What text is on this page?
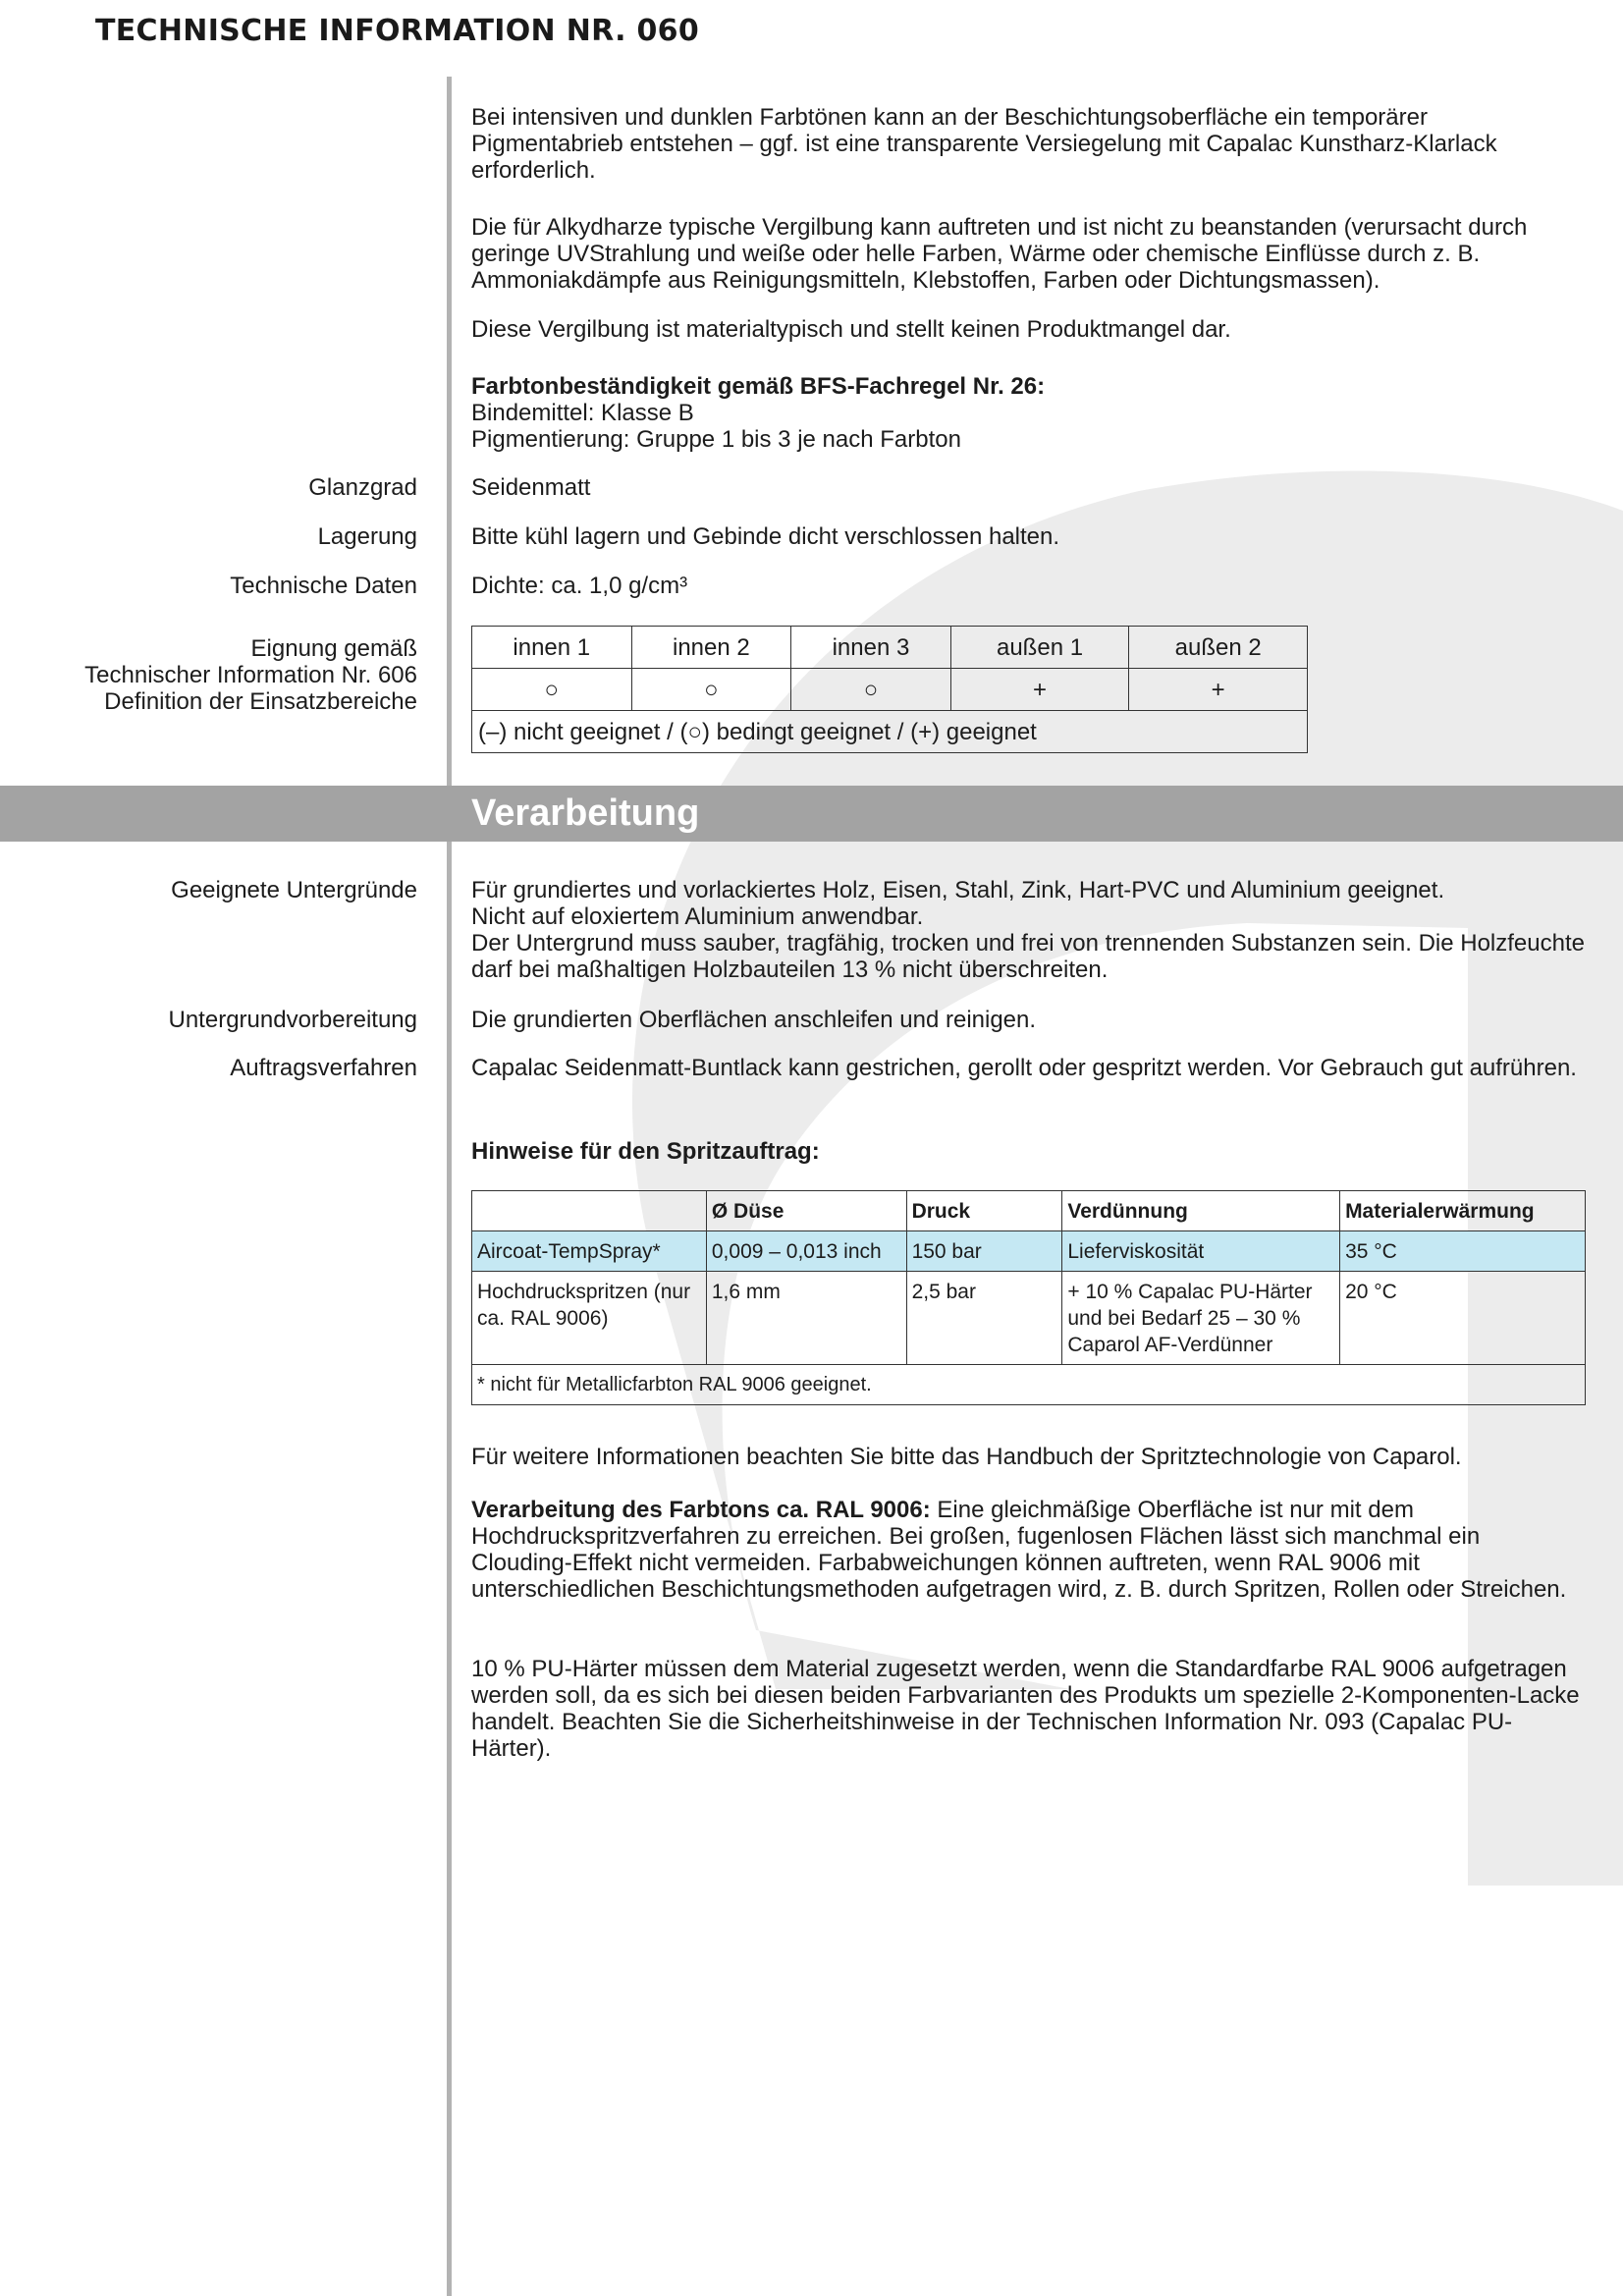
TECHNISCHE INFORMATION NR. 060

Bei intensiven und dunklen Farbtönen kann an der Beschichtungsoberfläche ein temporärer Pigmentabrieb entstehen – ggf. ist eine transparente Versiegelung mit Capalac Kunstharz-Klarlack erforderlich.

Die für Alkydharze typische Vergilbung kann auftreten und ist nicht zu beanstanden (verursacht durch geringe UVStrahlung und weiße oder helle Farben, Wärme oder chemische Einflüsse durch z. B. Ammoniakdämpfe aus Reinigungsmitteln, Klebstoffen, Farben oder Dichtungsmassen).

Diese Vergilbung ist materialtypisch und stellt keinen Produktmangel dar.

Farbtonbeständigkeit gemäß BFS-Fachregel Nr. 26:

Bindemittel: Klasse B

Pigmentierung: Gruppe 1 bis 3 je nach Farbton

Glanzgrad Seidenmatt
Lagerung Bitte kühl lagern und Gebinde dicht verschlossen halten.
Technische Daten Dichte: ca. 1,0 g/cm³
Eignung gemäß
Technischer Information Nr. 606
Definition der Einsatzbereiche
innen 1	innen 2	innen 3	außen 1	außen 2
○	○	○	+	+
(–) nicht geeignet / (○) bedingt geeignet / (+) geeignet				
Verarbeitung
Geeignete Untergründe Für grundiertes und vorlackiertes Holz, Eisen, Stahl, Zink, Hart-PVC und Aluminium geeignet.

Nicht auf eloxiertem Aluminium anwendbar.

Der Untergrund muss sauber, tragfähig, trocken und frei von trennenden Substanzen sein. Die Holzfeuchte darf bei maßhaltigen Holzbauteilen 13 % nicht überschreiten.

Untergrundvorbereitung Die grundierten Oberflächen anschleifen und reinigen.
Auftragsverfahren Capalac Seidenmatt-Buntlack kann gestrichen, gerollt oder gespritzt werden. Vor Gebrauch gut aufrühren.
Hinweise für den Spritzauftrag:
	Ø Düse	Druck	Verdünnung	Materialerwärmung
Aircoat-TempSpray*	0,009 – 0,013 inch	150 bar	Lieferviskosität	35 °C
Hochdruckspritzen (nur ca. RAL 9006)	1,6 mm	2,5 bar	+ 10 % Capalac PU-Härter und bei Bedarf 25 – 30 % Caparol AF-Verdünner	20 °C
* nicht für Metallicfarbton RAL 9006 geeignet.				

Für weitere Informationen beachten Sie bitte das Handbuch der Spritztechnologie von Caparol.

Verarbeitung des Farbtons ca. RAL 9006: Eine gleichmäßige Oberfläche ist nur mit dem Hochdruckspritzverfahren zu erreichen. Bei großen, fugenlosen Flächen lässt sich manchmal ein Clouding-Effekt nicht vermeiden. Farbabweichungen können auftreten, wenn RAL 9006 mit unterschiedlichen Beschichtungsmethoden aufgetragen wird, z. B. durch Spritzen, Rollen oder Streichen.

10 % PU-Härter müssen dem Material zugesetzt werden, wenn die Standardfarbe RAL 9006 aufgetragen werden soll, da es sich bei diesen beiden Farbvarianten des Produkts um spezielle 2-Komponenten-Lacke handelt. Beachten Sie die Sicherheitshinweise in der Technischen Information Nr. 093 (Capalac PU-Härter).
